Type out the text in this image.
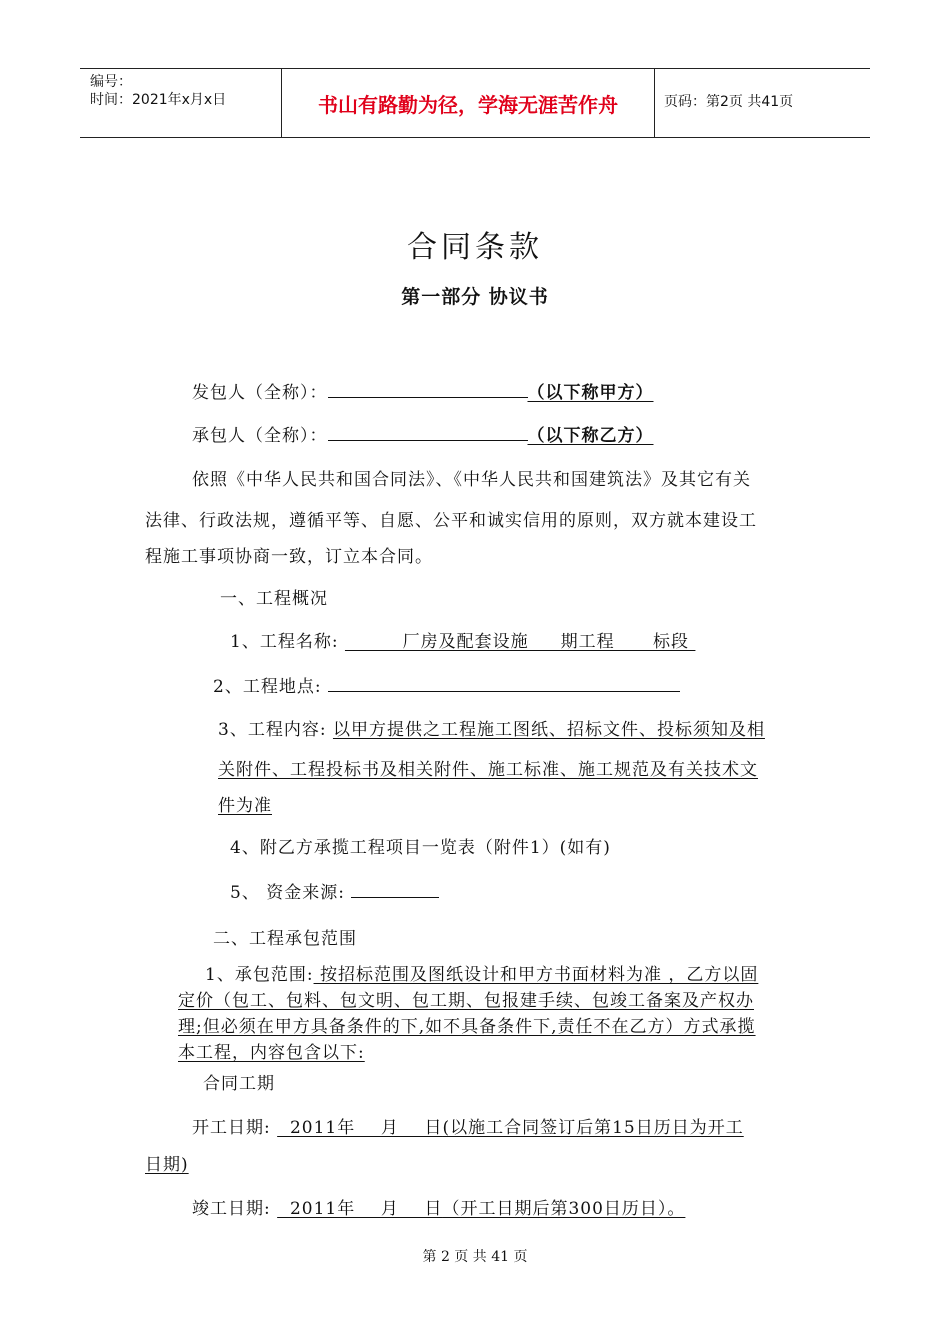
编号：
时间：2021年x月x日	书山有路勤为径，学海无涯苦作舟	页码：第2页 共41页
合同条款
第一部分 协议书
发包人（全称）：	（以下称甲方）
承包人（全称）：	（以下称乙方）
依照《中华人民共和国合同法》、《中华人民共和国建筑法》及其它有关
法律、行政法规，遵循平等、自愿、公平和诚实信用的原则，双方就本建设工
程施工事项协商一致，订立本合同。
一、工程概况
1、工程名称:          厂房及配套设施     期工程      标段
2、工程地点:
3、工程内容: 以甲方提供之工程施工图纸、招标文件、投标须知及相
关附件、工程投标书及相关附件、施工标准、施工规范及有关技术文
件为准
4、附乙方承揽工程项目一览表（附件1）(如有)
5、 资金来源:
二、工程承包范围
1、承包范围: 按招标范围及图纸设计和甲方书面材料为准 ，乙方以固
定价（包工、包料、包文明、包工期、包报建手续、包竣工备案及产权办
理;但必须在甲方具备条件的下,如不具备条件下,责任不在乙方）方式承揽
本工程，内容包含以下:
合同工期
开工日期:   2011年    月    日(以施工合同签订后第15日历日为开工
日期)
竣工日期:   2011年    月    日（开工日期后第300日历日）。
第 2 页 共 41 页
